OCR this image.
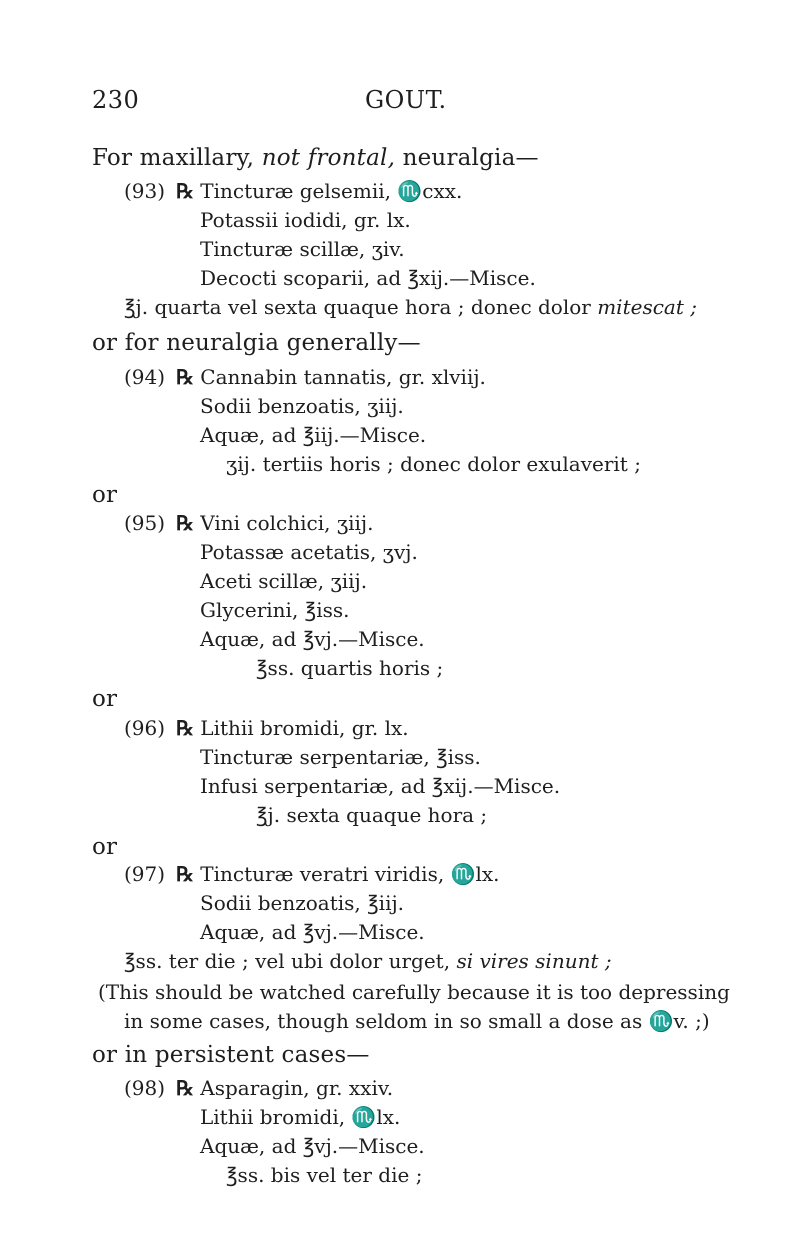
230	GOUT.
For maxillary, not frontal, neuralgia—
(93) ℞ Tincturæ gelsemii, ♏cxx.
Potassii iodidi, gr. lx.
Tincturæ scillæ, ʒiv.
Decocti scoparii, ad ℥xij.—Misce.
℥j. quarta vel sexta quaque hora ; donec dolor mitescat ;
or for neuralgia generally—
(94) ℞ Cannabin tannatis, gr. xlviij.
Sodii benzoatis, ʒiij.
Aquæ, ad ℥iij.—Misce.
ʒij. tertiis horis ; donec dolor exulaverit ;
or
(95) ℞ Vini colchici, ʒiij.
Potassæ acetatis, ʒvj.
Aceti scillæ, ʒiij.
Glycerini, ℥iss.
Aquæ, ad ℥vj.—Misce.
℥ss. quartis horis ;
or
(96) ℞ Lithii bromidi, gr. lx.
Tincturæ serpentariæ, ℥iss.
Infusi serpentariæ, ad ℥xij.—Misce.
℥j. sexta quaque hora ;
or
(97) ℞ Tincturæ veratri viridis, ♏lx.
Sodii benzoatis, ℥iij.
Aquæ, ad ℥vj.—Misce.
℥ss. ter die ; vel ubi dolor urget, si vires sinunt ;
(This should be watched carefully because it is too depressing
in some cases, though seldom in so small a dose as ♏v. ;)
or in persistent cases—
(98) ℞ Asparagin, gr. xxiv.
Lithii bromidi, ♏lx.
Aquæ, ad ℥vj.—Misce.
℥ss. bis vel ter die ;
